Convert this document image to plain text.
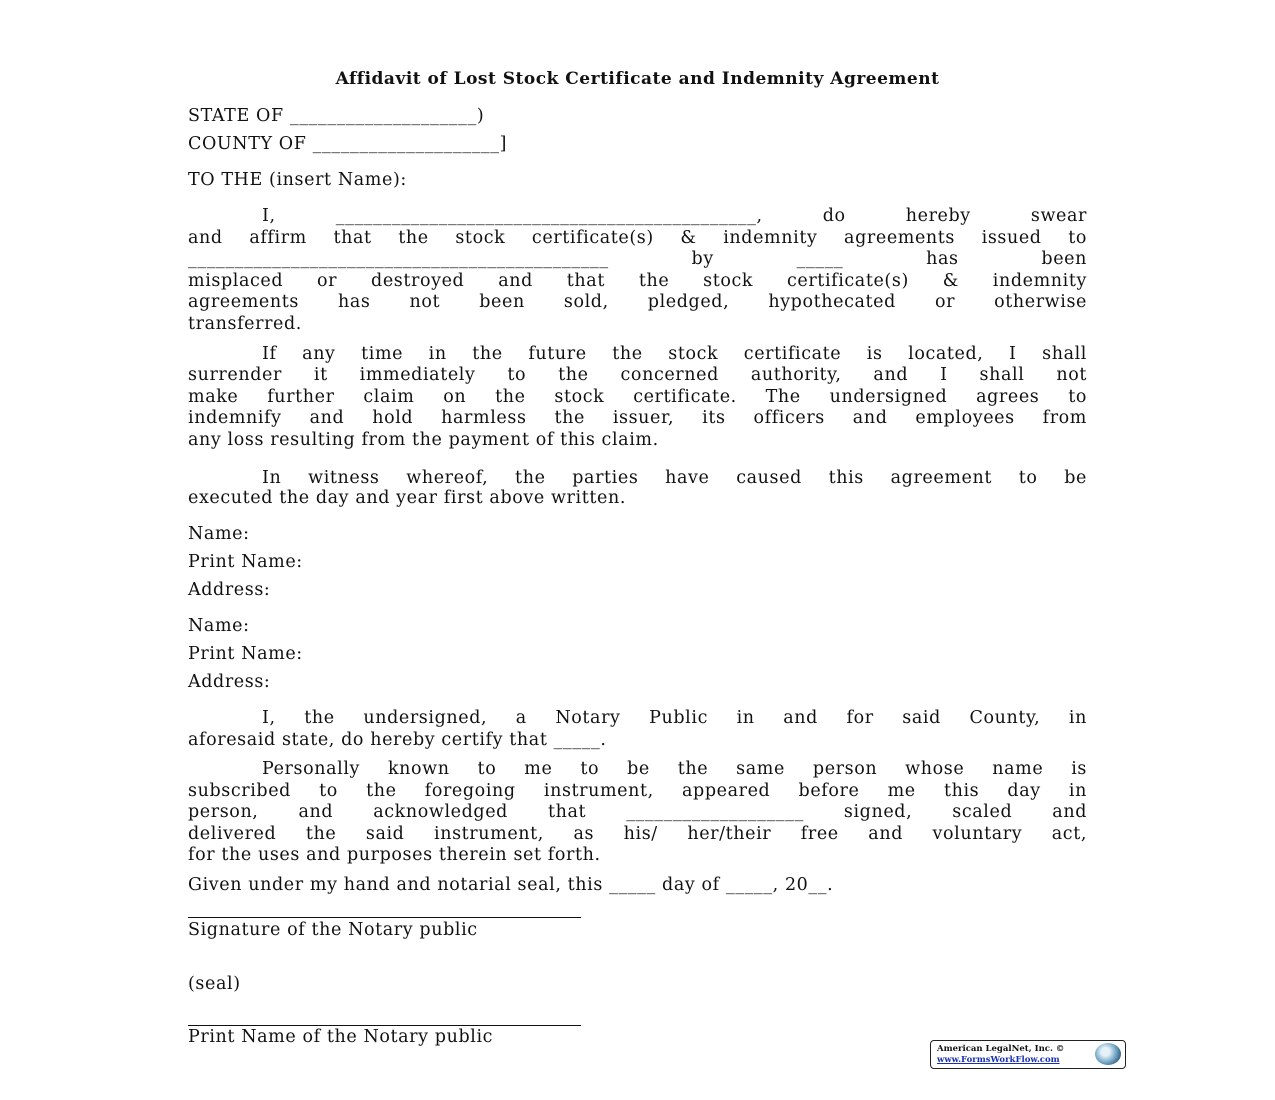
Affidavit of Lost Stock Certificate and Indemnity Agreement
STATE OF ____________________)
COUNTY OF ____________________]
TO THE (insert Name):
I, _____________________________________________, do hereby swear
and affirm that the stock certificate(s) & indemnity agreements issued to
_____________________________________________ by _____ has been
misplaced or destroyed and that the stock certificate(s) & indemnity
agreements has not been sold, pledged, hypothecated or otherwise
transferred.
If any time in the future the stock certificate is located, I shall
surrender it immediately to the concerned authority, and I shall not
make further claim on the stock certificate. The undersigned agrees to
indemnify and hold harmless the issuer, its officers and employees from
any loss resulting from the payment of this claim.
In witness whereof, the parties have caused this agreement to be
executed the day and year first above written.
Name:
Print Name:
Address:
Name:
Print Name:
Address:
I, the undersigned, a Notary Public in and for said County, in
aforesaid state, do hereby certify that _____.
Personally known to me to be the same person whose name is
subscribed to the foregoing instrument, appeared before me this day in
person, and acknowledged that ___________________ signed, scaled and
delivered the said instrument, as his/ her/their free and voluntary act,
for the uses and purposes therein set forth.
Given under my hand and notarial seal, this _____ day of _____, 20__.
Signature of the Notary public
(seal)
Print Name of the Notary public
American LegalNet, Inc. ©
www.FormsWorkFlow.com
